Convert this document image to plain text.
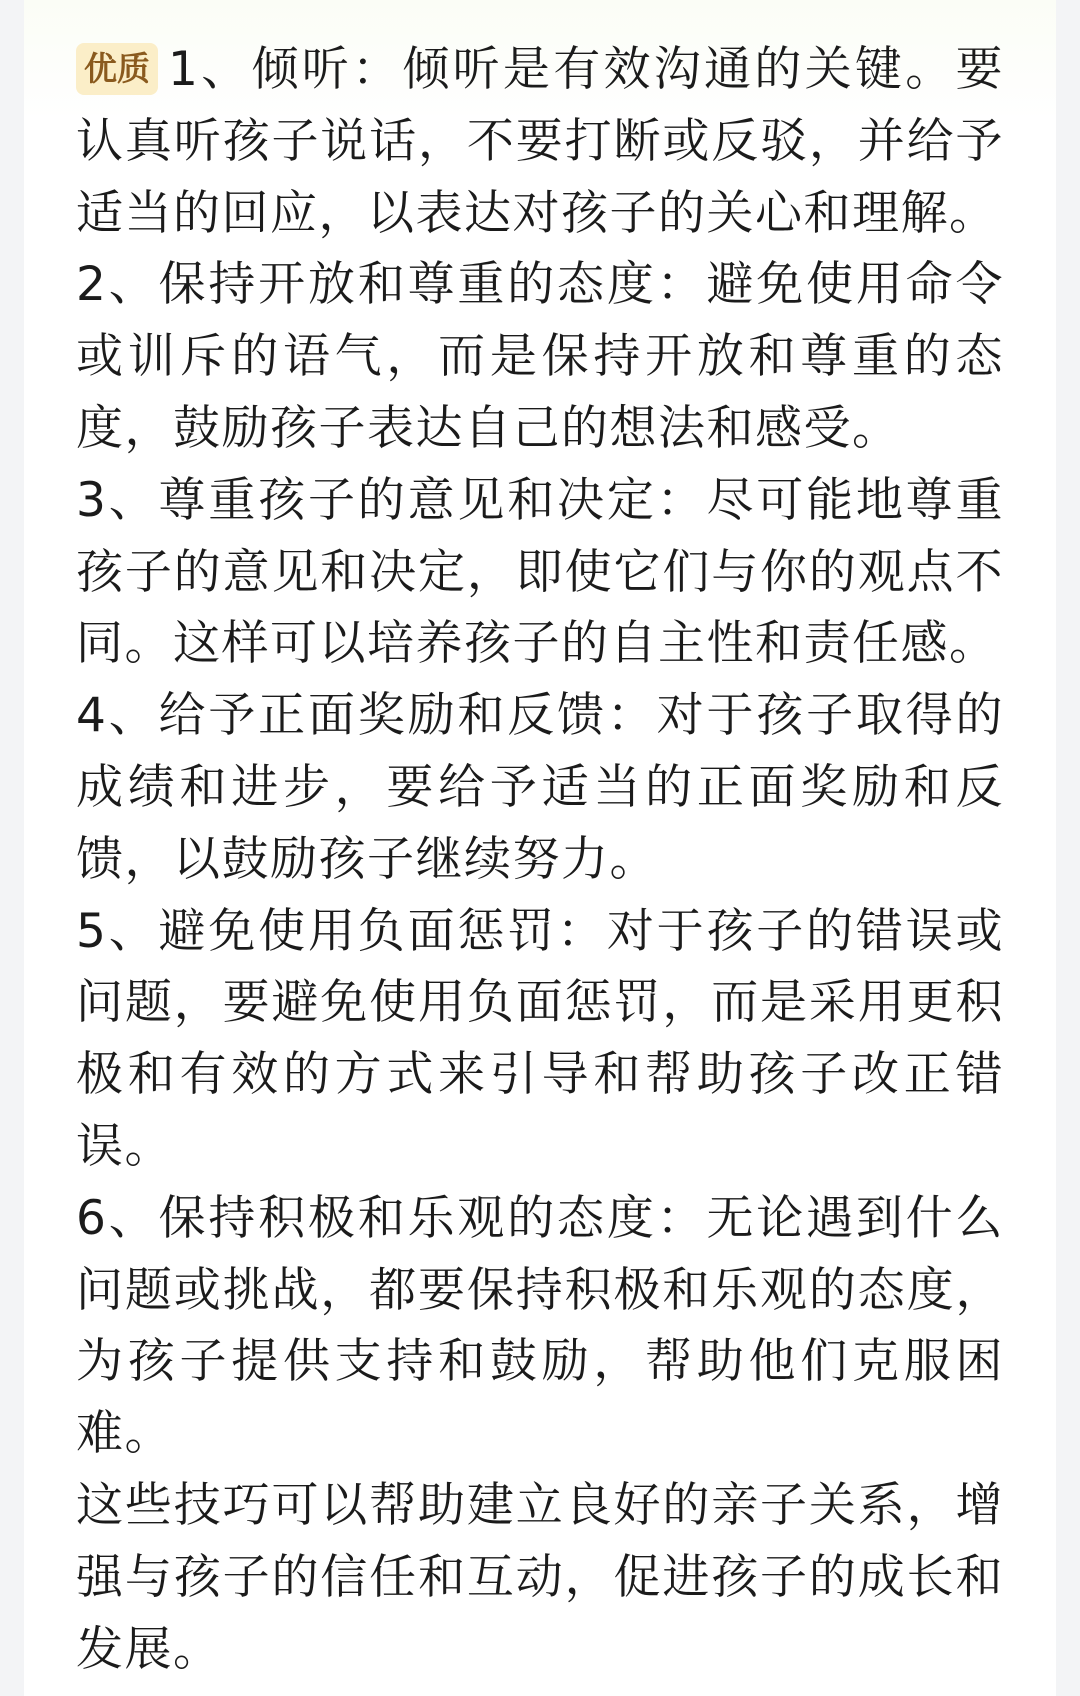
优质 1、倾听：倾听是有效沟通的关键。要认真听孩子说话，不要打断或反驳，并给予适当的回应，以表达对孩子的关心和理解。

2、保持开放和尊重的态度：避免使用命令或训斥的语气，而是保持开放和尊重的态度，鼓励孩子表达自己的想法和感受。

3、尊重孩子的意见和决定：尽可能地尊重孩子的意见和决定，即使它们与你的观点不同。这样可以培养孩子的自主性和责任感。

4、给予正面奖励和反馈：对于孩子取得的成绩和进步，要给予适当的正面奖励和反馈，以鼓励孩子继续努力。

5、避免使用负面惩罚：对于孩子的错误或问题，要避免使用负面惩罚，而是采用更积极和有效的方式来引导和帮助孩子改正错误。

6、保持积极和乐观的态度：无论遇到什么问题或挑战，都要保持积极和乐观的态度，为孩子提供支持和鼓励，帮助他们克服困难。

这些技巧可以帮助建立良好的亲子关系，增强与孩子的信任和互动，促进孩子的成长和发展。
